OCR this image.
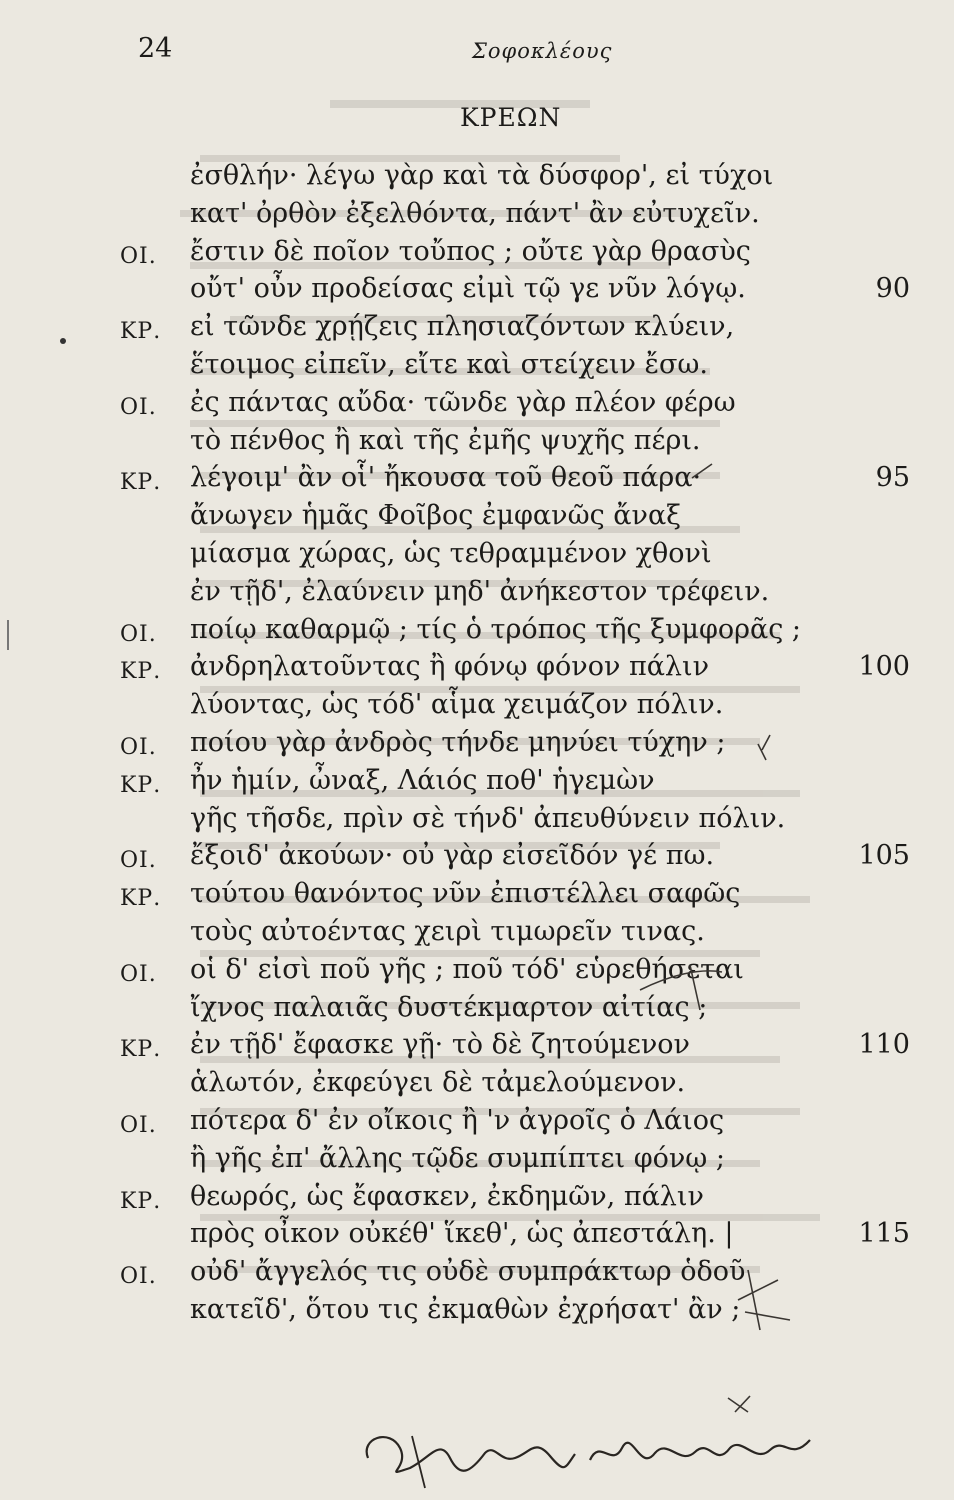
24	Σοφοκλέους
ΚΡΕΩΝ
ἐσθλήν· λέγω γὰρ καὶ τὰ δύσφορ', εἰ τύχοι
κατ' ὀρθὸν ἐξελθόντα, πάντ' ἂν εὐτυχεῖν.
ΟΙ. ἔστιν δὲ ποῖον τοὔπος ; οὔτε γὰρ θρασὺς
οὔτ' οὖν προδείσας εἰμὶ τῷ γε νῦν λόγῳ.	90
ΚΡ. εἰ τῶνδε χρῄζεις πλησιαζόντων κλύειν,
ἕτοιμος εἰπεῖν, εἴτε καὶ στείχειν ἔσω.
ΟΙ. ἐς πάντας αὔδα· τῶνδε γὰρ πλέον φέρω
τὸ πένθος ἢ καὶ τῆς ἐμῆς ψυχῆς πέρι.
ΚΡ. λέγοιμ' ἂν οἷ' ἤκουσα τοῦ θεοῦ πάρα·	95
ἄνωγεν ἡμᾶς Φοῖβος ἐμφανῶς ἄναξ
μίασμα χώρας, ὡς τεθραμμένον χθονὶ
ἐν τῇδ', ἐλαύνειν μηδ' ἀνήκεστον τρέφειν.
ΟΙ. ποίῳ καθαρμῷ ; τίς ὁ τρόπος τῆς ξυμφορᾶς ;
ΚΡ. ἀνδρηλατοῦντας ἢ φόνῳ φόνον πάλιν	100
λύοντας, ὡς τόδ' αἷμα χειμάζον πόλιν.
ΟΙ. ποίου γὰρ ἀνδρὸς τήνδε μηνύει τύχην ;
ΚΡ. ἦν ἡμίν, ὦναξ, Λάιός ποθ' ἡγεμὼν
γῆς τῆσδε, πρὶν σὲ τήνδ' ἀπευθύνειν πόλιν.
ΟΙ. ἔξοιδ' ἀκούων· οὐ γὰρ εἰσεῖδόν γέ πω.	105
ΚΡ. τούτου θανόντος νῦν ἐπιστέλλει σαφῶς
τοὺς αὐτοέντας χειρὶ τιμωρεῖν τινας.
ΟΙ. οἱ δ' εἰσὶ ποῦ γῆς ; ποῦ τόδ' εὑρεθήσεται
ἴχνος παλαιᾶς δυστέκμαρτον αἰτίας ;
ΚΡ. ἐν τῇδ' ἔφασκε γῇ· τὸ δὲ ζητούμενον	110
ἁλωτόν, ἐκφεύγει δὲ τἀμελούμενον.
ΟΙ. πότερα δ' ἐν οἴκοις ἢ 'ν ἀγροῖς ὁ Λάιος
ἢ γῆς ἐπ' ἄλλης τῷδε συμπίπτει φόνῳ ;
ΚΡ. θεωρός, ὡς ἔφασκεν, ἐκδημῶν, πάλιν
πρὸς οἶκον οὐκέθ' ἵκεθ', ὡς ἀπεστάλη. |	115
ΟΙ. οὐδ' ἄγγελός τις οὐδὲ συμπράκτωρ ὁδοῦ
κατεῖδ', ὅτου τις ἐκμαθὼν ἐχρήσατ' ἂν ;
